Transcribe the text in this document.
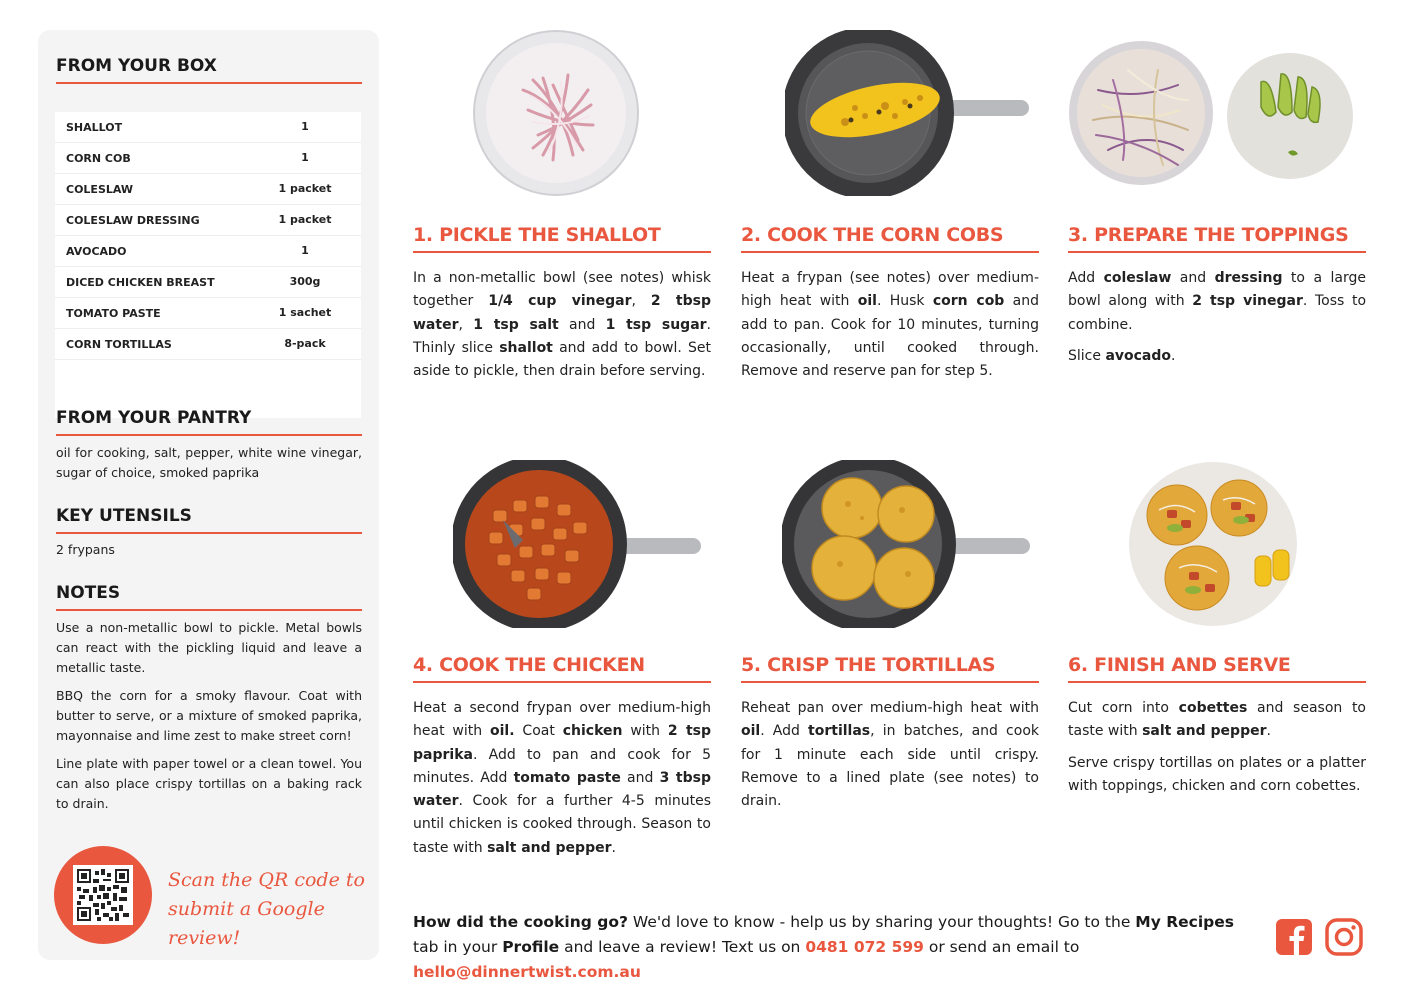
FROM YOUR BOX
SHALLOT	1
CORN COB	1
COLESLAW	1 packet
COLESLAW DRESSING	1 packet
AVOCADO	1
DICED CHICKEN BREAST	300g
TOMATO PASTE	1 sachet
CORN TORTILLAS	8-pack
FROM YOUR PANTRY
oil for cooking, salt, pepper, white wine vinegar, sugar of choice, smoked paprika
KEY UTENSILS
2 frypans
NOTES
Use a non-metallic bowl to pickle. Metal bowls can react with the pickling liquid and leave a metallic taste.
BBQ the corn for a smoky flavour. Coat with butter to serve, or a mixture of smoked paprika, mayonnaise and lime zest to make street corn!
Line plate with paper towel or a clean towel. You can also place crispy tortillas on a baking rack to drain.
Scan the QR code to
submit a Google review!
1. PICKLE THE SHALLOT

In a non-metallic bowl (see notes) whisk together 1/4 cup vinegar, 2 tbsp water, 1 tsp salt and 1 tsp sugar. Thinly slice shallot and add to bowl. Set aside to pickle, then drain before serving.

2. COOK THE CORN COBS

Heat a frypan (see notes) over medium-high heat with oil. Husk corn cob and add to pan. Cook for 10 minutes, turning occasionally, until cooked through. Remove and reserve pan for step 5.

3. PREPARE THE TOPPINGS

Add coleslaw and dressing to a large bowl along with 2 tsp vinegar. Toss to combine.

Slice avocado.

4. COOK THE CHICKEN

Heat a second frypan over medium-high heat with oil. Coat chicken with 2 tsp paprika. Add to pan and cook for 5 minutes. Add tomato paste and 3 tbsp water. Cook for a further 4-5 minutes until chicken is cooked through. Season to taste with salt and pepper.

5. CRISP THE TORTILLAS

Reheat pan over medium-high heat with oil. Add tortillas, in batches, and cook for 1 minute each side until crispy. Remove to a lined plate (see notes) to drain.

6. FINISH AND SERVE

Cut corn into cobettes and season to taste with salt and pepper.

Serve crispy tortillas on plates or a platter with toppings, chicken and corn cobettes.

How did the cooking go? We'd love to know - help us by sharing your thoughts! Go to the My Recipes tab in your Profile and leave a review! Text us on 0481 072 599 or send an email to hello@dinnertwist.com.au
